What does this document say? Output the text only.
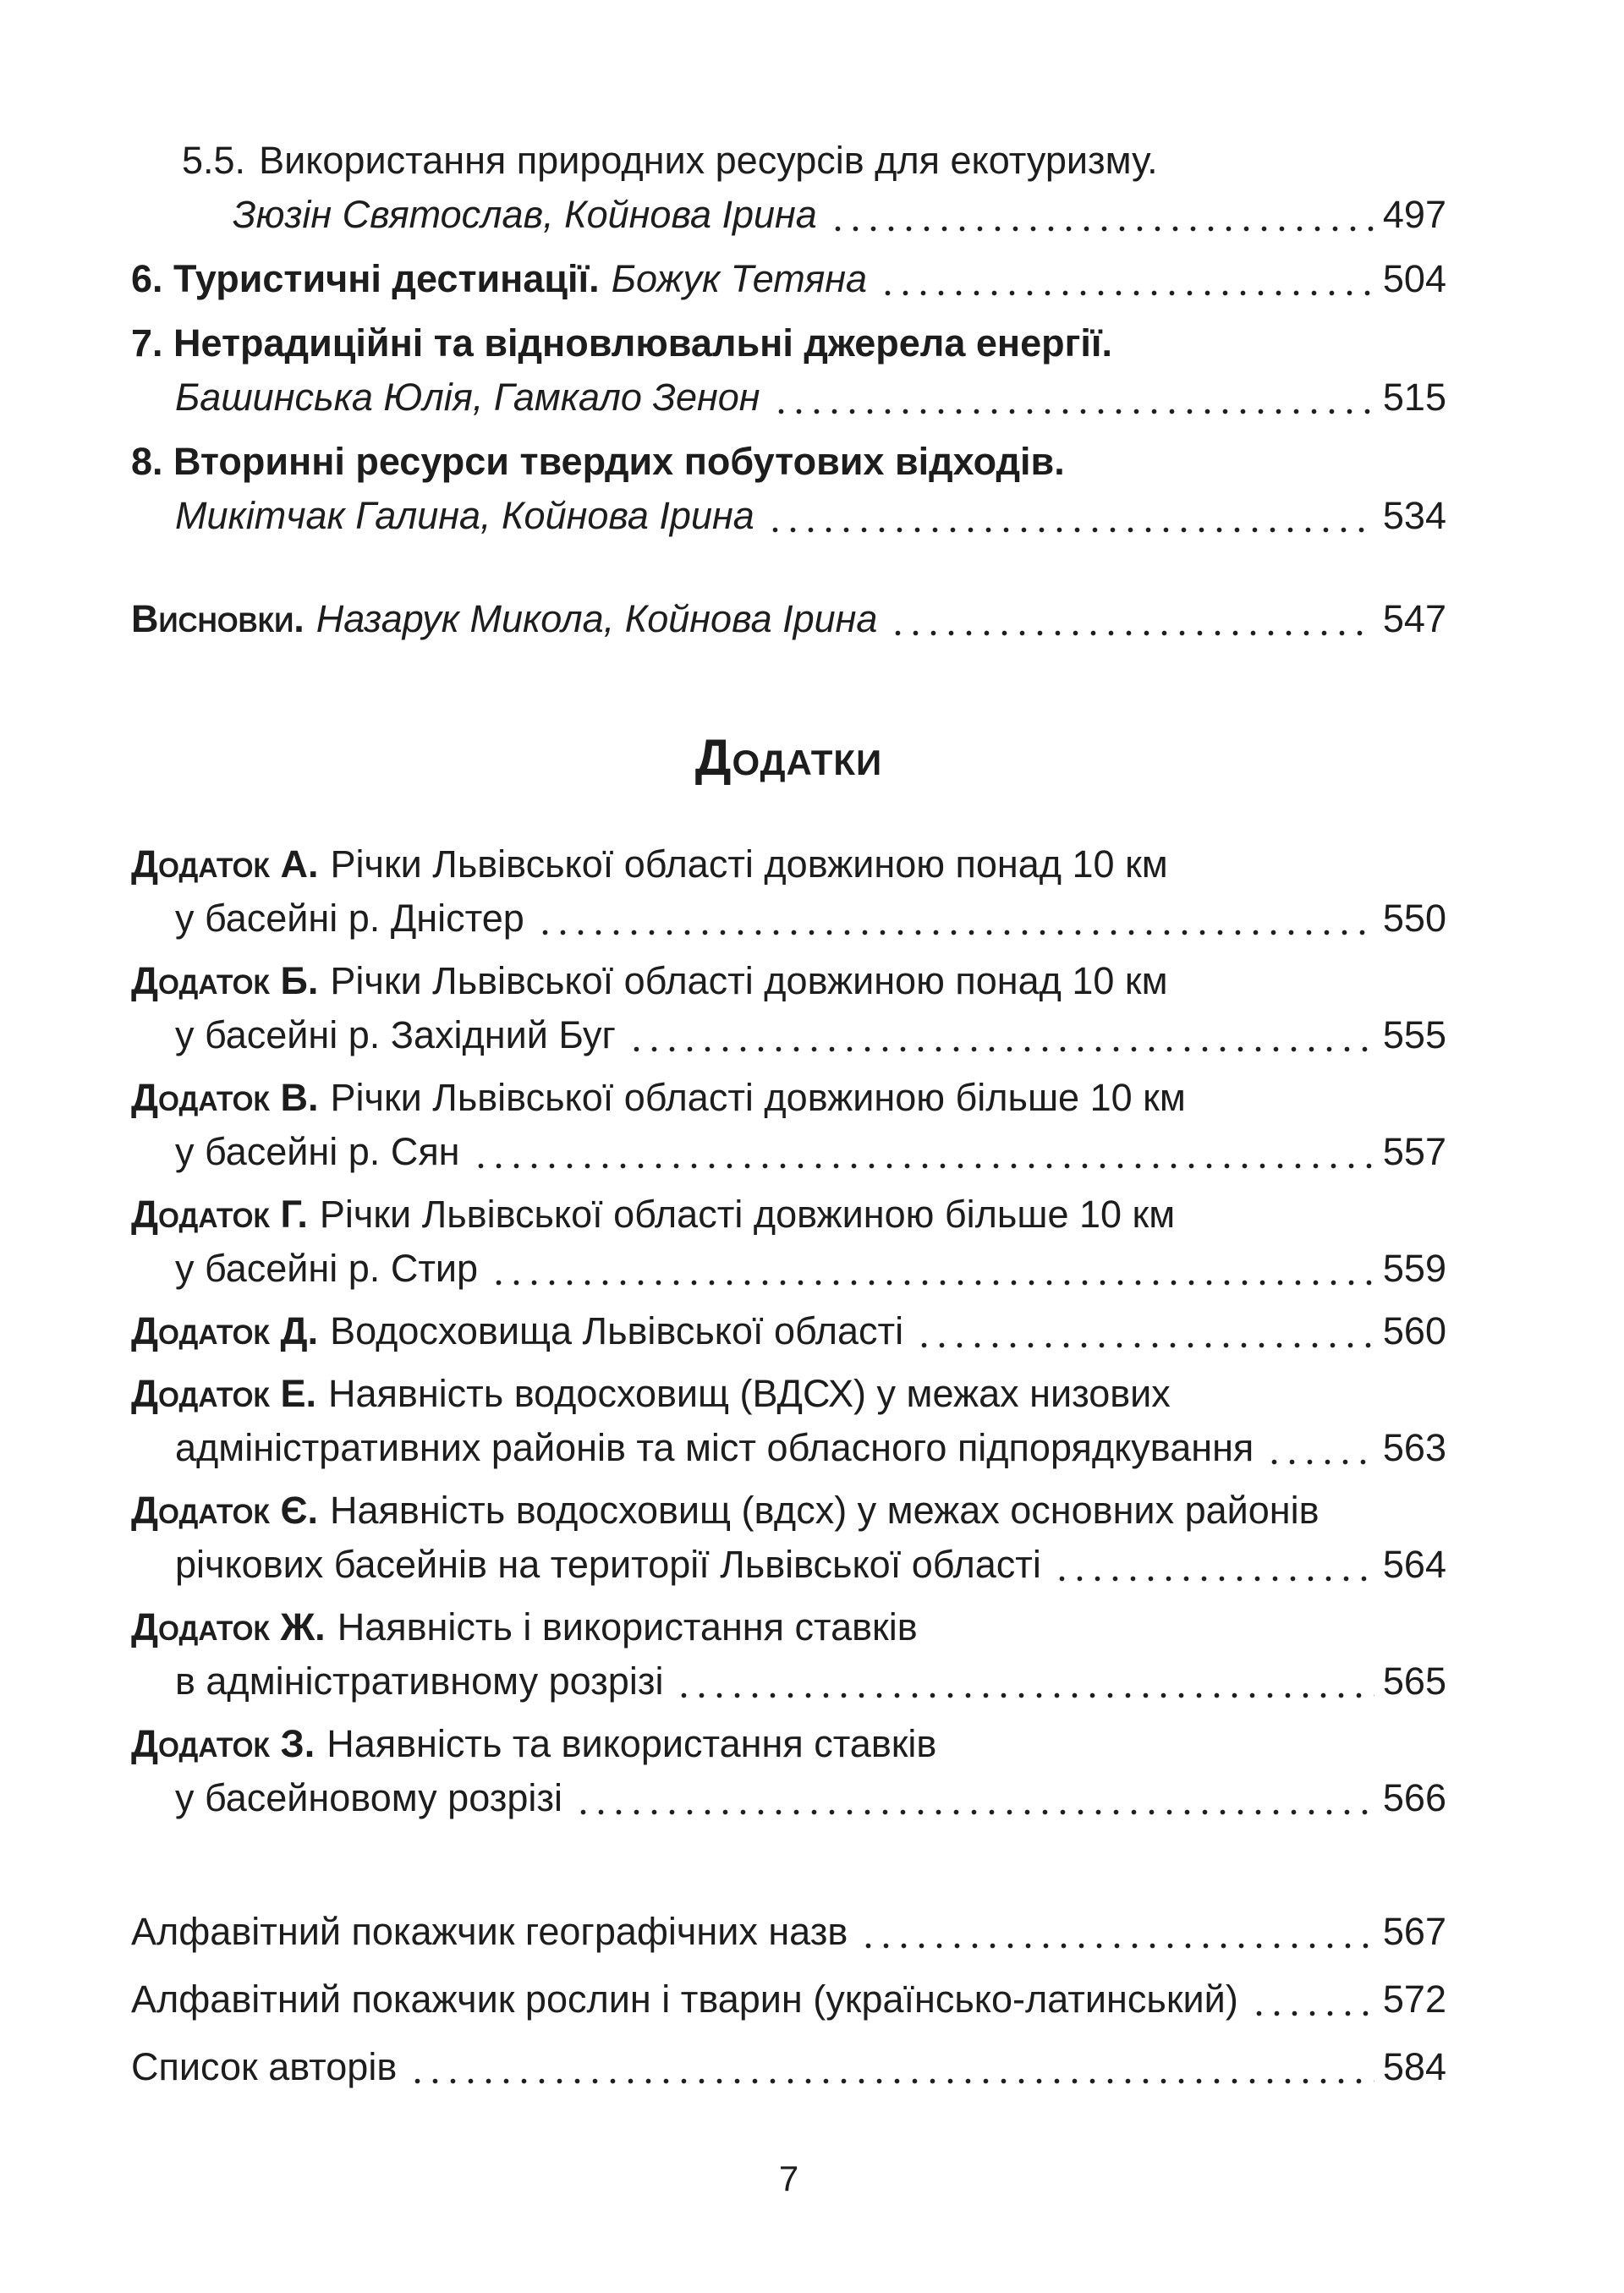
5.5. Використання природних ресурсів для екотуризму.
Зюзін Святослав, Койнова Ірина	497
6. Туристичні дестинації. Божук Тетяна	504
7. Нетрадиційні та відновлювальні джерела енергії.
Башинська Юлія, Гамкало Зенон	515
8. Вторинні ресурси твердих побутових відходів.
Микітчак Галина, Койнова Ірина	534
Висновки. Назарук Микола, Койнова Ірина	547
Додатки
Додаток А. Річки Львівської області довжиною понад 10 км
у басейні р. Дністер	550
Додаток Б. Річки Львівської області довжиною понад 10 км
у басейні р. Західний Буг	555
Додаток В. Річки Львівської області довжиною більше 10 км
у басейні р. Сян	557
Додаток Г. Річки Львівської області довжиною більше 10 км
у басейні р. Стир	559
Додаток Д. Водосховища Львівської області	560
Додаток Е. Наявність водосховищ (ВДСХ) у межах низових
адміністративних районів та міст обласного підпорядкування	563
Додаток Є. Наявність водосховищ (вдсх) у межах основних районів
річкових басейнів на території Львівської області	564
Додаток Ж. Наявність і використання ставків
в адміністративному розрізі	565
Додаток З. Наявність та використання ставків
у басейновому розрізі	566
Алфавітний покажчик географічних назв	567
Алфавітний покажчик рослин і тварин (українсько-латинський)	572
Список авторів	584
7
